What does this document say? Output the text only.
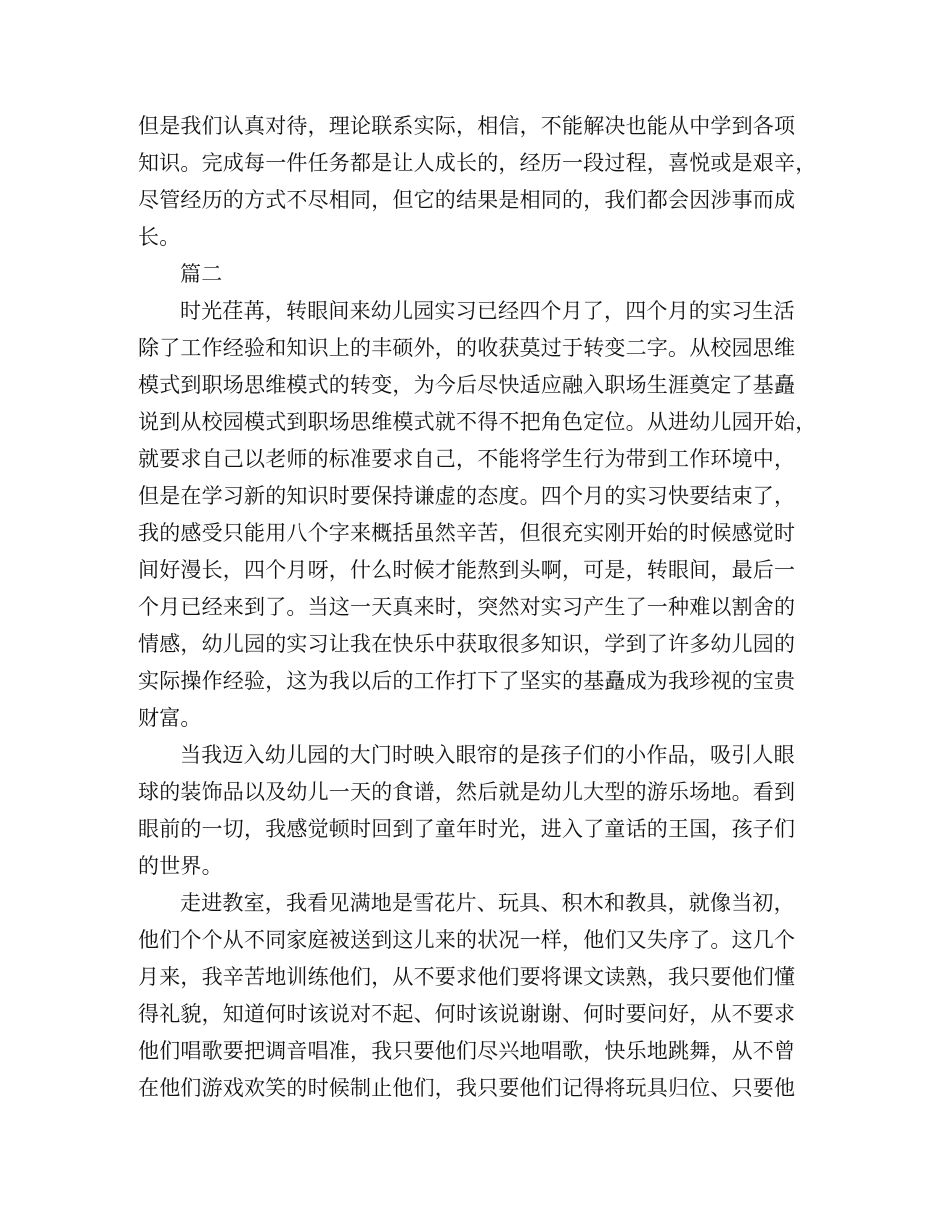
但是我们认真对待，理论联系实际，相信，不能解决也能从中学到各项
知识。完成每一件任务都是让人成长的，经历一段过程，喜悦或是艰辛，
尽管经历的方式不尽相同，但它的结果是相同的，我们都会因涉事而成
长。
篇二
时光荏苒，转眼间来幼儿园实习已经四个月了，四个月的实习生活
除了工作经验和知识上的丰硕外，的收获莫过于转变二字。从校园思维
模式到职场思维模式的转变，为今后尽快适应融入职场生涯奠定了基矗
说到从校园模式到职场思维模式就不得不把角色定位。从进幼儿园开始，
就要求自己以老师的标准要求自己，不能将学生行为带到工作环境中，
但是在学习新的知识时要保持谦虚的态度。四个月的实习快要结束了，
我的感受只能用八个字来概括虽然辛苦，但很充实刚开始的时候感觉时
间好漫长，四个月呀，什么时候才能熬到头啊，可是，转眼间，最后一
个月已经来到了。当这一天真来时，突然对实习产生了一种难以割舍的
情感，幼儿园的实习让我在快乐中获取很多知识，学到了许多幼儿园的
实际操作经验，这为我以后的工作打下了坚实的基矗成为我珍视的宝贵
财富。
当我迈入幼儿园的大门时映入眼帘的是孩子们的小作品，吸引人眼
球的装饰品以及幼儿一天的食谱，然后就是幼儿大型的游乐场地。看到
眼前的一切，我感觉顿时回到了童年时光，进入了童话的王国，孩子们
的世界。
走进教室，我看见满地是雪花片、玩具、积木和教具，就像当初，
他们个个从不同家庭被送到这儿来的状况一样，他们又失序了。这几个
月来，我辛苦地训练他们，从不要求他们要将课文读熟，我只要他们懂
得礼貌，知道何时该说对不起、何时该说谢谢、何时要问好，从不要求
他们唱歌要把调音唱准，我只要他们尽兴地唱歌，快乐地跳舞，从不曾
在他们游戏欢笑的时候制止他们，我只要他们记得将玩具归位、只要他
